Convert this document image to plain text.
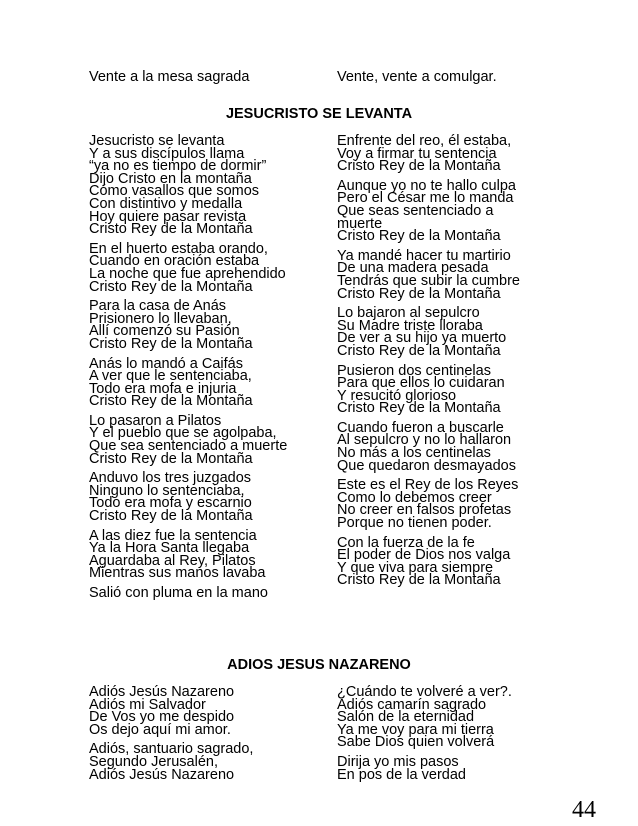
Vente a la mesa sagrada	Vente, vente a comulgar.
JESUCRISTO SE LEVANTA
Jesucristo se levanta
Y a sus discípulos llama
“ya no es tiempo de dormir”
Dijo Cristo en la montaña
Cómo vasallos que somos
Con distintivo y medalla
Hoy quiere pasar revista
Cristo Rey de la Montaña
En el huerto estaba orando,
Cuando en oración estaba
La noche que fue aprehendido
Cristo Rey de la Montaña
Para la casa de Anás
Prisionero lo llevaban,
Allí comenzó su Pasión
Cristo Rey de la Montaña
Anás lo mandó a Caifás
A ver que le sentenciaba,
Todo era mofa e injuria
Cristo Rey de la Montaña
Lo pasaron a Pilatos
Y el pueblo que se agolpaba,
Que sea sentenciado a muerte
Cristo Rey de la Montaña
Anduvo los tres juzgados
Ninguno lo sentenciaba,
Todo era mofa y escarnio
Cristo Rey de la Montaña
A las diez fue la sentencia
Ya la Hora Santa llegaba
Aguardaba al Rey, Pilatos
Mientras sus manos lavaba
Salió con pluma en la mano
Enfrente del reo, él estaba,
Voy a firmar tu sentencia
Cristo Rey de la Montaña
Aunque yo no te hallo culpa
Pero el César me lo manda
Que seas sentenciado a
muerte
Cristo Rey de la Montaña
Ya mandé hacer tu martirio
De una madera pesada
Tendrás que subir la cumbre
Cristo Rey de la Montaña
Lo bajaron al sepulcro
Su Madre triste lloraba
De ver a su hijo ya muerto
Cristo Rey de la Montaña
Pusieron dos centinelas
Para que ellos lo cuidaran
Y resucitó glorioso
Cristo Rey de la Montaña
Cuando fueron a buscarle
Al sepulcro y no lo hallaron
No más a los centinelas
Que quedaron desmayados
Este es el Rey de los Reyes
Como lo debemos creer
No creer en falsos profetas
Porque no tienen poder.
Con la fuerza de la fe
El poder de Dios nos valga
Y que viva para siempre
Cristo Rey de la Montaña
ADIOS JESUS NAZARENO
Adiós Jesús Nazareno
Adiós mi Salvador
De Vos yo me despido
Os dejo aquí mi amor.
Adiós, santuario sagrado,
Segundo Jerusalén,
Adiós Jesús Nazareno
¿Cuándo te volveré a ver?.
Adiós camarín sagrado
Salón de la eternidad
Ya me voy para mi tierra
Sabe Dios quien volverá
Dirija yo mis pasos
En pos de la verdad
44
